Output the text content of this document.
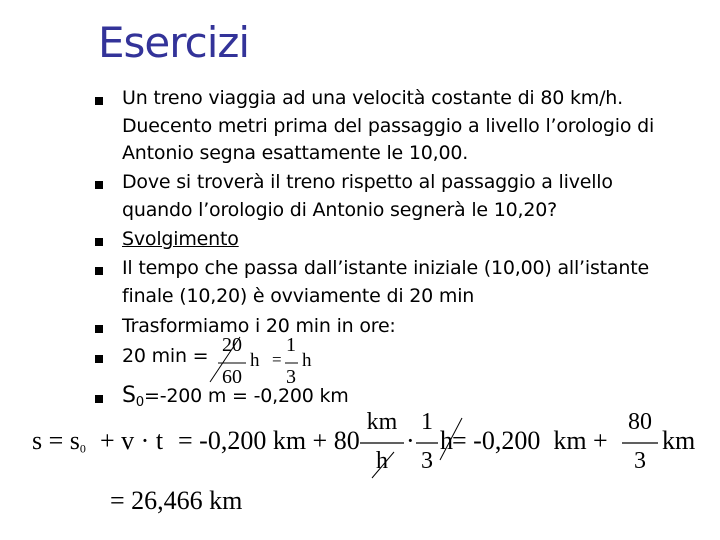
Esercizi
Un treno viaggia ad una velocità costante di 80 km/h.
Duecento metri prima del passaggio a livello l’orologio di
Antonio segna esattamente le 10,00.
Dove si troverà il treno rispetto al passaggio a livello
quando l’orologio di Antonio segnerà le 10,20?
Svolgimento
Il tempo che passa dall’istante iniziale (10,00) all’istante
finale (10,20) è ovviamente di 20 min
Trasformiamo i 20 min in ore:
20 min =
$S_0=-200$ m = -0,200 km
20
60
h =
1
3
h
$s = s_0 + v \cdot t = -0,200$ km + 80
km
h
·
1
3
h = -0,200  km +
80
3
km
= 26,466 km
